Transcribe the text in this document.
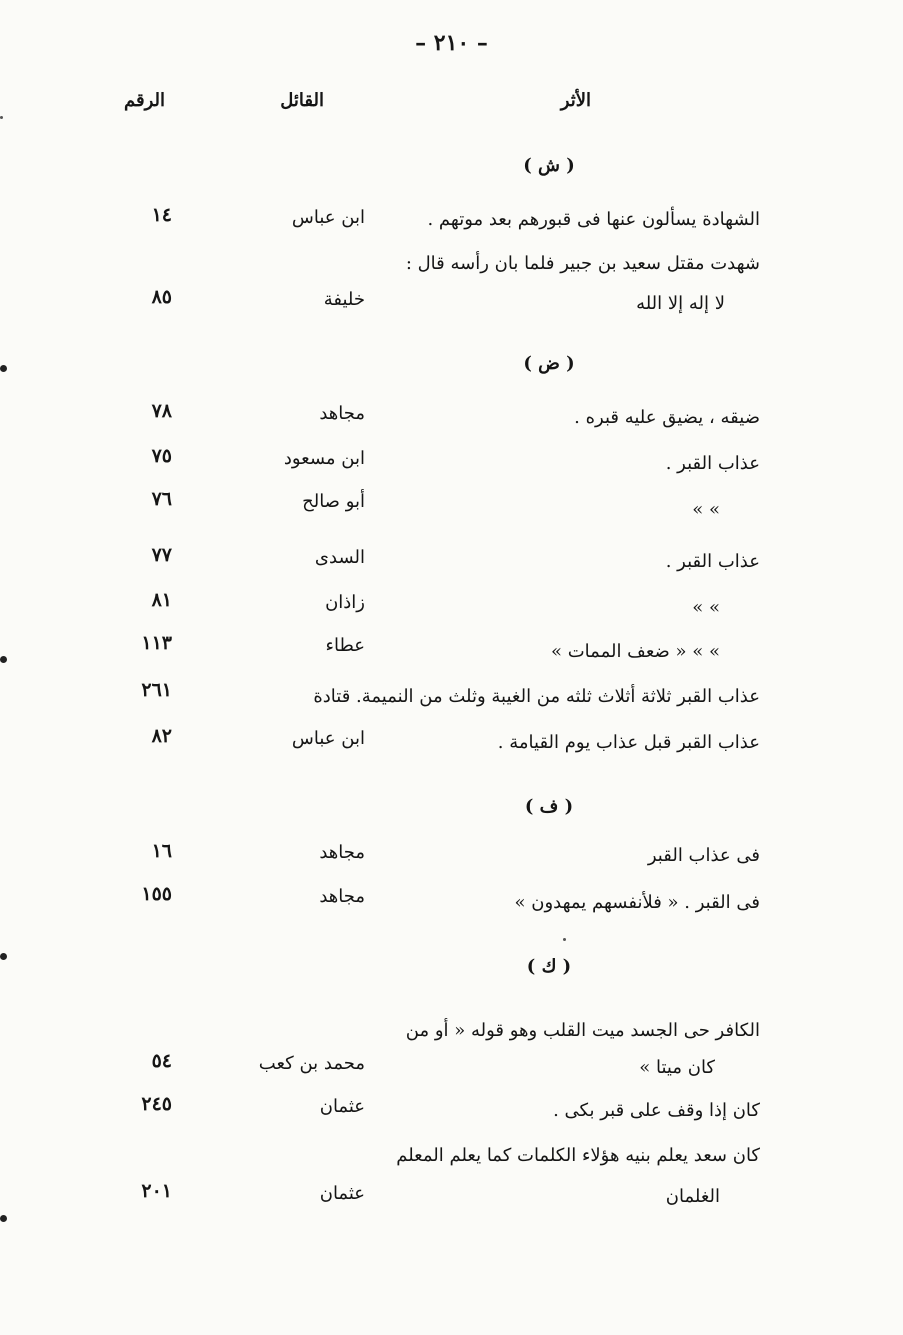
– ٢١٠ –
الأثر
القائل
الرقم
( ش )
الشهادة يسألون عنها فى قبورهم بعد موتهم .
ابن عباس
١٤
شهدت مقتل سعيد بن جبير فلما بان رأسه قال :
لا إله إلا الله
خليفة
٨٥
( ض )
ضيقه ، يضيق عليه قبره .
مجاهد
٧٨
عذاب القبر .
ابن مسعود
٧٥
» »
أبو صالح
٧٦
عذاب القبر .
السدى
٧٧
» »
زاذان
٨١
» » « ضعف الممات »
عطاء
١١٣
عذاب القبر ثلاثة أثلاث ثلثه من الغيبة وثلث من النميمة. قتادة
٢٦١
عذاب القبر قبل عذاب يوم القيامة .
ابن عباس
٨٢
( ف )
فى عذاب القبر
مجاهد
١٦
فى القبر . « فلأنفسهم يمهدون »
مجاهد
١٥٥
( ك )
الكافر حى الجسد ميت القلب وهو قوله « أو من
كان ميتا »
محمد بن كعب
٥٤
كان إذا وقف على قبر بكى .
عثمان
٢٤٥
كان سعد يعلم بنيه هؤلاء الكلمات كما يعلم المعلم
الغلمان
عثمان
٢٠١
